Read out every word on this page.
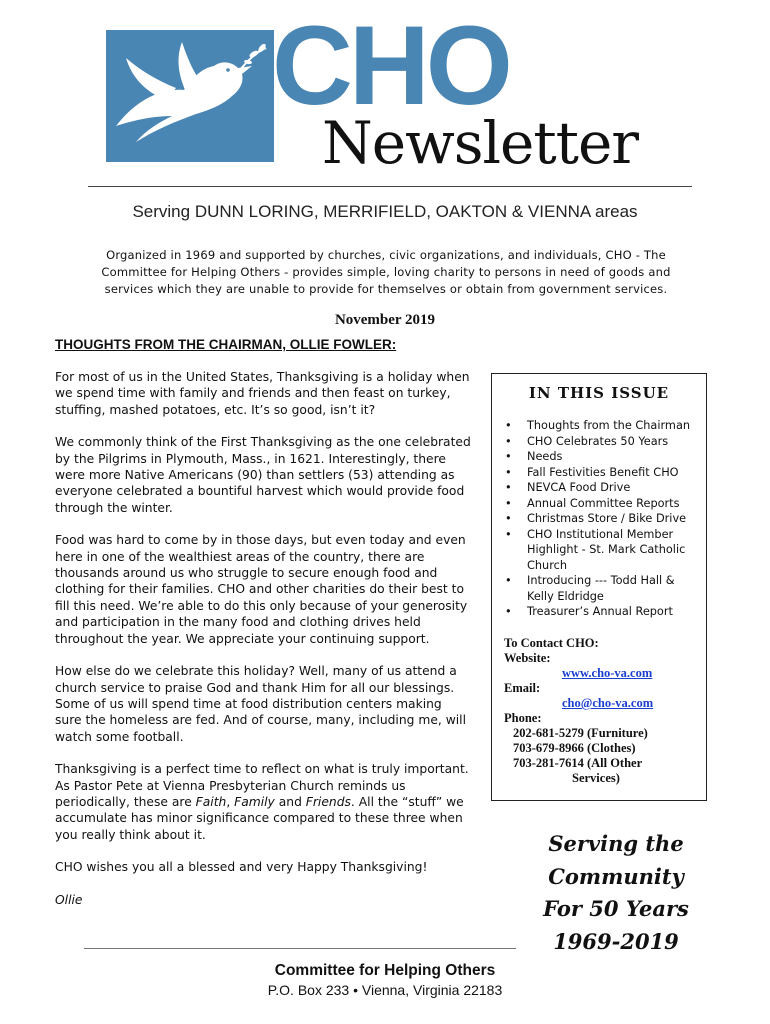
CHO
Newsletter
Serving DUNN LORING, MERRIFIELD, OAKTON & VIENNA areas
Organized in 1969 and supported by churches, civic organizations, and individuals, CHO - The Committee for Helping Others - provides simple, loving charity to persons in need of goods and services which they are unable to provide for themselves or obtain from government services.
November 2019
THOUGHTS FROM THE CHAIRMAN, OLLIE FOWLER:

For most of us in the United States, Thanksgiving is a holiday when we spend time with family and friends and then feast on turkey, stuffing, mashed potatoes, etc. It’s so good, isn’t it?

We commonly think of the First Thanksgiving as the one celebrated by the Pilgrims in Plymouth, Mass., in 1621. Interestingly, there were more Native Americans (90) than settlers (53) attending as everyone celebrated a bountiful harvest which would provide food through the winter.

Food was hard to come by in those days, but even today and even here in one of the wealthiest areas of the country, there are thousands around us who struggle to secure enough food and clothing for their families. CHO and other charities do their best to fill this need. We’re able to do this only because of your generosity and participation in the many food and clothing drives held throughout the year. We appreciate your continuing support.

How else do we celebrate this holiday? Well, many of us attend a church service to praise God and thank Him for all our blessings. Some of us will spend time at food distribution centers making sure the homeless are fed. And of course, many, including me, will watch some football.

Thanksgiving is a perfect time to reflect on what is truly important. As Pastor Pete at Vienna Presbyterian Church reminds us periodically, these are Faith, Family and Friends. All the “stuff” we accumulate has minor significance compared to these three when you really think about it.

CHO wishes you all a blessed and very Happy Thanksgiving!

Ollie

IN THIS ISSUE
• Thoughts from the Chairman
• CHO Celebrates 50 Years
• Needs
• Fall Festivities Benefit CHO
• NEVCA Food Drive
• Annual Committee Reports
• Christmas Store / Bike Drive
• CHO Institutional Member Highlight - St. Mark Catholic Church
• Introducing --- Todd Hall & Kelly Eldridge
• Treasurer’s Annual Report
To Contact CHO:
Website:
www.cho-va.com
Email:
cho@cho-va.com
Phone:
202-681-5279 (Furniture)
703-679-8966 (Clothes)
703-281-7614 (All Other
Services)
Serving the
Community
For 50 Years
1969-2019
Committee for Helping Others
P.O. Box 233 • Vienna, Virginia 22183
